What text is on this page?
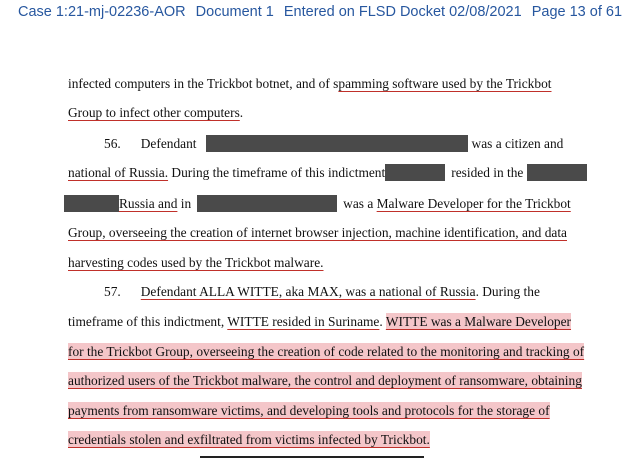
Case 1:21-mj-02236-AOR Document 1 Entered on FLSD Docket 02/08/2021 Page 13 of 61
infected computers in the Trickbot botnet, and of spamming software used by the Trickbot
Group to infect other computers.
56. Defendant	was a citizen and
national of Russia. During the timeframe of this indictment	resided in the
Russia and in	was a Malware Developer for the Trickbot
Group, overseeing the creation of internet browser injection, machine identification, and data
harvesting codes used by the Trickbot malware.
57. Defendant ALLA WITTE, aka MAX, was a national of Russia. During the
timeframe of this indictment, WITTE resided in Suriname. WITTE was a Malware Developer
for the Trickbot Group, overseeing the creation of code related to the monitoring and tracking of
authorized users of the Trickbot malware, the control and deployment of ransomware, obtaining
payments from ransomware victims, and developing tools and protocols for the storage of
credentials stolen and exfiltrated from victims infected by Trickbot.
